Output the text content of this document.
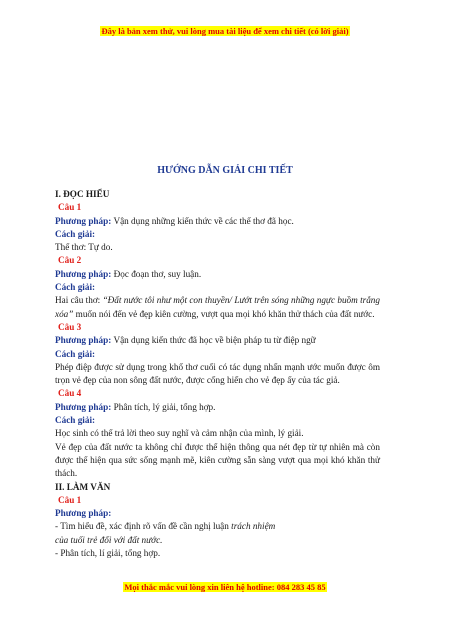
Đây là bản xem thử, vui lòng mua tài liệu để xem chi tiết (có lời giải)
HƯỚNG DẪN GIẢI CHI TIẾT

I. ĐỌC HIỂU

Câu 1

Phương pháp: Vận dụng những kiến thức về các thể thơ đã học.

Cách giải:

Thể thơ: Tự do.

Câu 2

Phương pháp: Đọc đoạn thơ, suy luận.

Cách giải:

Hai câu thơ: “Đất nước tôi như một con thuyền/ Lướt trên sóng những ngực buồm trắng xóa” muốn nói đến vẻ đẹp kiên cường, vượt qua mọi khó khăn thử thách của đất nước.

Câu 3

Phương pháp: Vận dụng kiến thức đã học về biện pháp tu từ điệp ngữ

Cách giải:

Phép điệp được sử dụng trong khổ thơ cuối có tác dụng nhấn mạnh ước muốn được ôm trọn vẻ đẹp của non sông đất nước, được cống hiến cho vẻ đẹp ấy của tác giả.

Câu 4

Phương pháp: Phân tích, lý giải, tổng hợp.

Cách giải:

Học sinh có thể trả lời theo suy nghĩ và cảm nhận của mình, lý giải.

Vẻ đẹp của đất nước ta không chỉ được thể hiện thông qua nét đẹp từ tự nhiên mà còn được thể hiện qua sức sống mạnh mẽ, kiên cường sẵn sàng vượt qua mọi khó khăn thử thách.

II. LÀM VĂN

Câu 1

Phương pháp:

- Tìm hiểu đề, xác định rõ vấn đề cần nghị luận trách nhiệm

của tuổi trẻ đối với đất nước.

- Phân tích, lí giải, tổng hợp.

Mọi thắc mắc vui lòng xin liên hệ hotline: 084 283 45 85
